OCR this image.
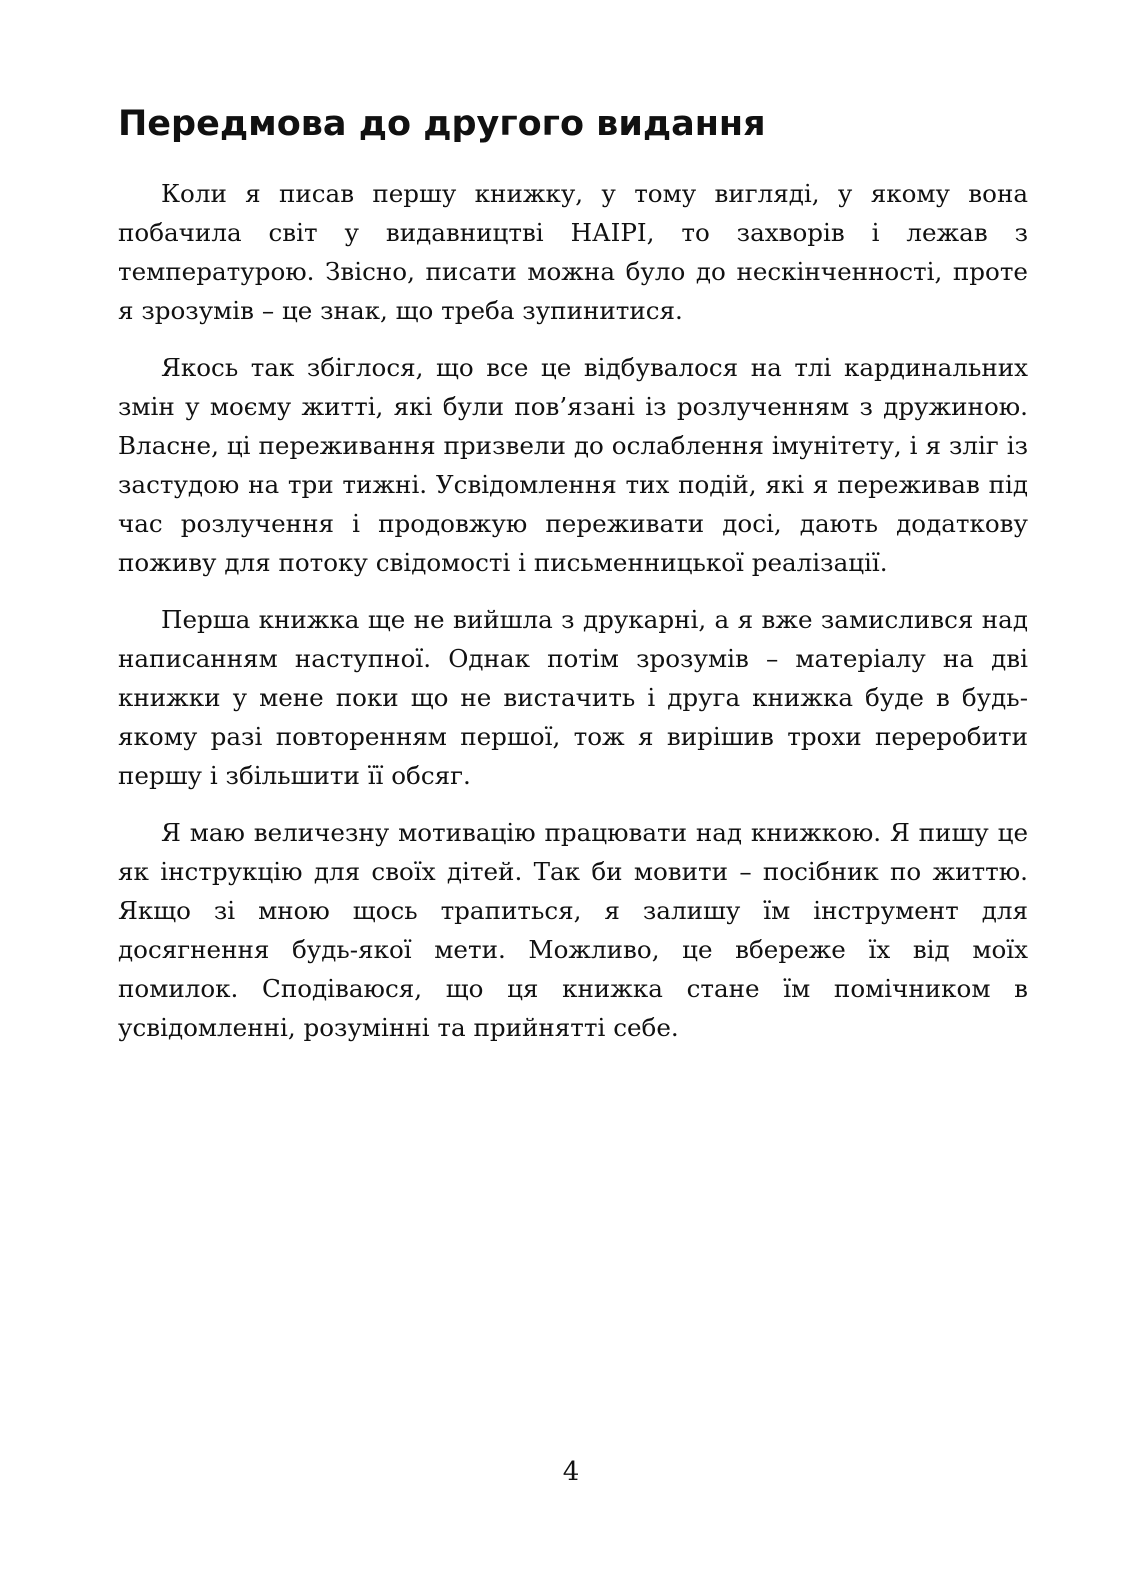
Передмова до другого видання

Коли я писав першу книжку, у тому вигляді, у якому вона побачила світ у видавництві НАІРІ, то захворів і лежав з температурою. Звісно, писати можна було до нескінченності, проте я зрозумів – це знак, що треба зупинитися.

Якось так збіглося, що все це відбувалося на тлі кардинальних змін у моєму житті, які були пов’язані із розлученням з дружиною. Власне, ці переживання призвели до ослаблення імунітету, і я зліг із застудою на три тижні. Усвідомлення тих подій, які я переживав під час розлучення і продовжую переживати досі, дають додаткову поживу для потоку свідомості і письменницької реалізації.

Перша книжка ще не вийшла з друкарні, а я вже замислився над написанням наступної. Однак потім зрозумів – матеріалу на дві книжки у мене поки що не вистачить і друга книжка буде в будь-якому разі повторенням першої, тож я вирішив трохи переробити першу і збільшити її обсяг.

Я маю величезну мотивацію працювати над книжкою. Я пишу це як інструкцію для своїх дітей. Так би мовити – посібник по життю. Якщо зі мною щось трапиться, я залишу їм інструмент для досягнення будь-якої мети. Можливо, це вбереже їх від моїх помилок. Сподіваюся, що ця книжка стане їм помічником в усвідомленні, розумінні та прийнятті себе.

4
